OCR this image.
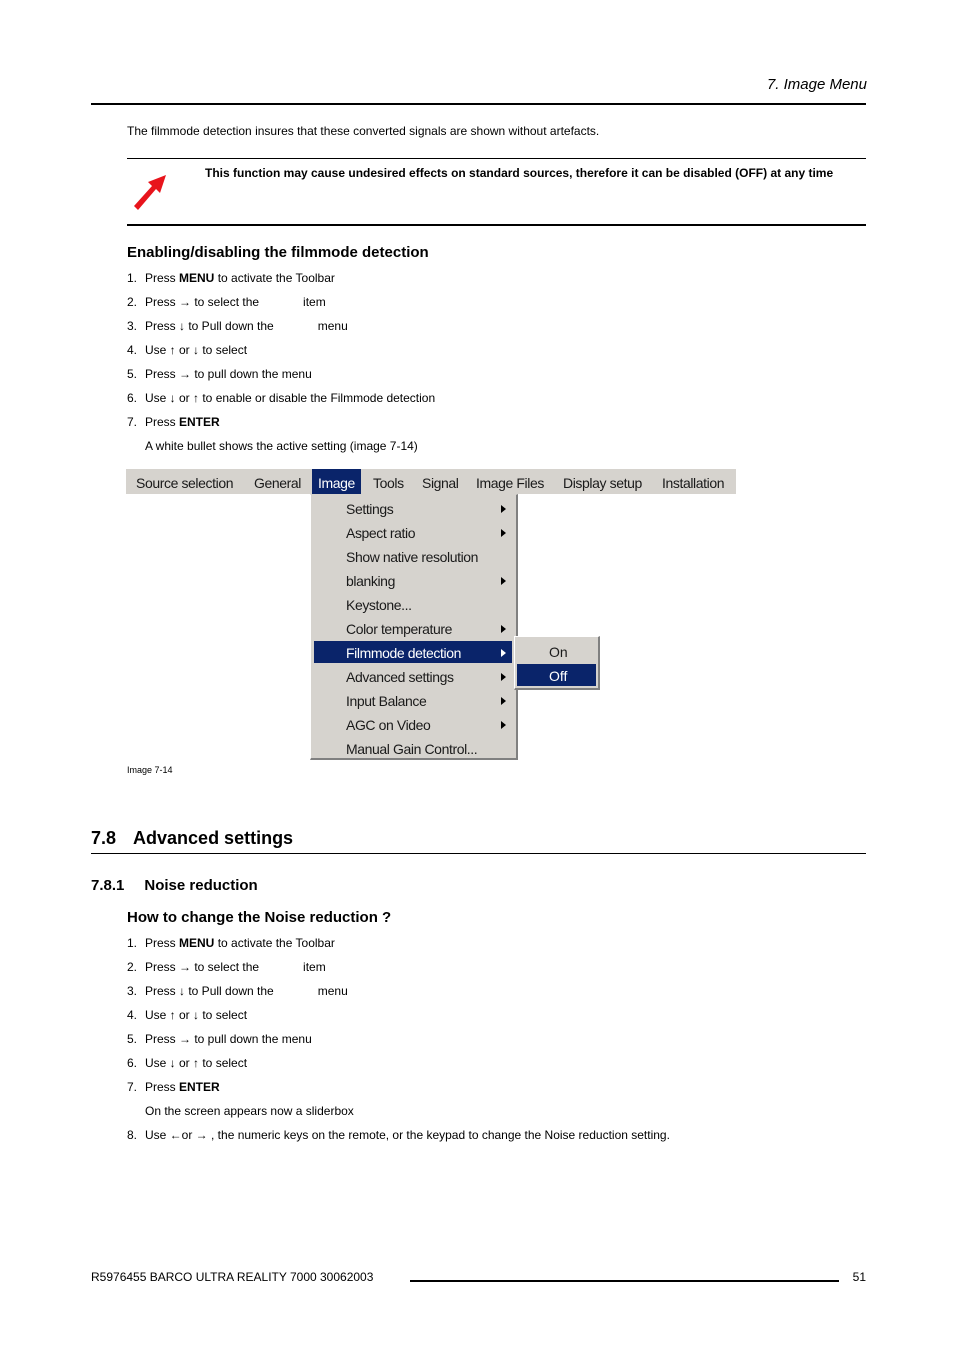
7. Image Menu
The filmmode detection insures that these converted signals are shown without artefacts.
This function may cause undesired effects on standard sources, therefore it can be disabled (OFF) at any time
Enabling/disabling the filmmode detection
1. Press MENU to activate the Toolbar
2. Press → to select the	item
3. Press ↓ to Pull down the	menu
4. Use ↑ or ↓ to select
5. Press → to pull down the menu
6. Use ↓ or ↑ to enable or disable the Filmmode detection
7. Press ENTER
A white bullet shows the active setting (image 7-14)
Source selection General	Image	Tools Signal Image Files Display setup Installation
Settings
Aspect ratio
Show native resolution
blanking
Keystone...
Color temperature
Filmmode detection
Advanced settings
Input Balance
AGC on Video
Manual Gain Control...
On
Off
Image 7-14
7.8 Advanced settings
7.8.1 Noise reduction
How to change the Noise reduction ?
1. Press MENU to activate the Toolbar
2. Press → to select the	item
3. Press ↓ to Pull down the	menu
4. Use ↑ or ↓ to select
5. Press → to pull down the menu
6. Use ↓ or ↑ to select
7. Press ENTER
On the screen appears now a sliderbox
8. Use ←or → , the numeric keys on the remote, or the keypad to change the Noise reduction setting.
R5976455 BARCO ULTRA REALITY 7000 30062003	51
